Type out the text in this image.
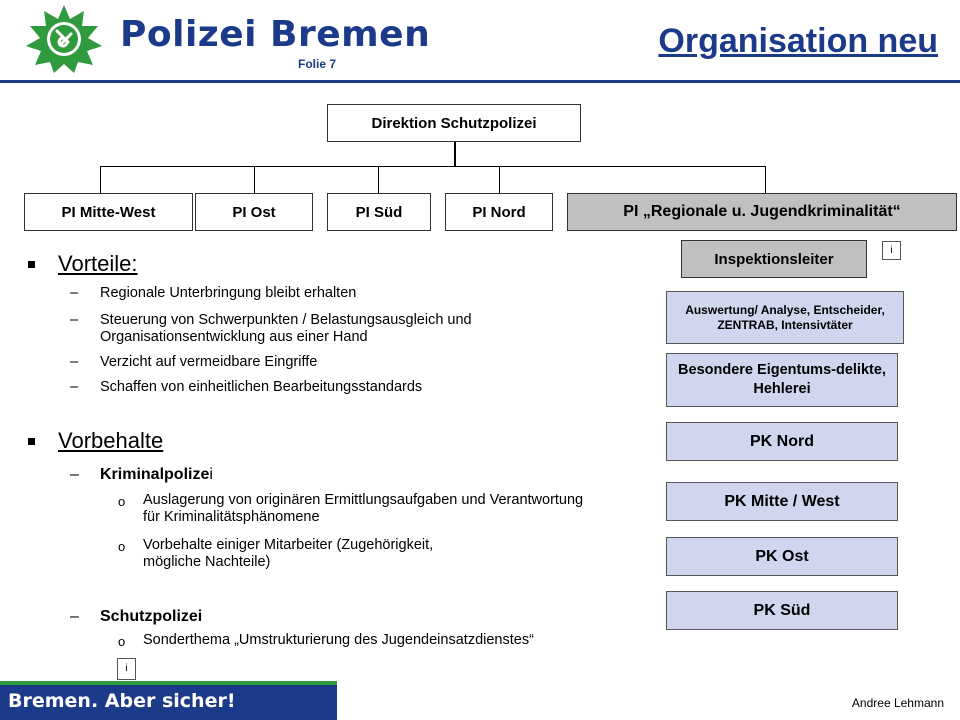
Polizei Bremen
Folie 7
Organisation neu
Direktion Schutzpolizei
PI Mitte-West	PI Ost	PI Süd	PI Nord	PI „Regionale u. Jugendkriminalität“
Inspektionsleiter	i
Auswertung/ Analyse, Entscheider, ZENTRAB, Intensivtäter
Besondere Eigentums-delikte, Hehlerei
PK Nord
PK Mitte / West
PK Ost
PK Süd
Vorteile:
– Regionale Unterbringung bleibt erhalten
– Steuerung von Schwerpunkten / Belastungsausgleich und Organisationsentwicklung aus einer Hand
– Verzicht auf vermeidbare Eingriffe
– Schaffen von einheitlichen Bearbeitungsstandards
Vorbehalte
– Kriminalpolizei
o Auslagerung von originären Ermittlungsaufgaben und Verantwortung für Kriminalitätsphänomene
o Vorbehalte einiger Mitarbeiter (Zugehörigkeit, mögliche Nachteile)
– Schutzpolizei
o Sonderthema „Umstrukturierung des Jugendeinsatzdienstes“
i
Bremen. Aber sicher!	Andree Lehmann
